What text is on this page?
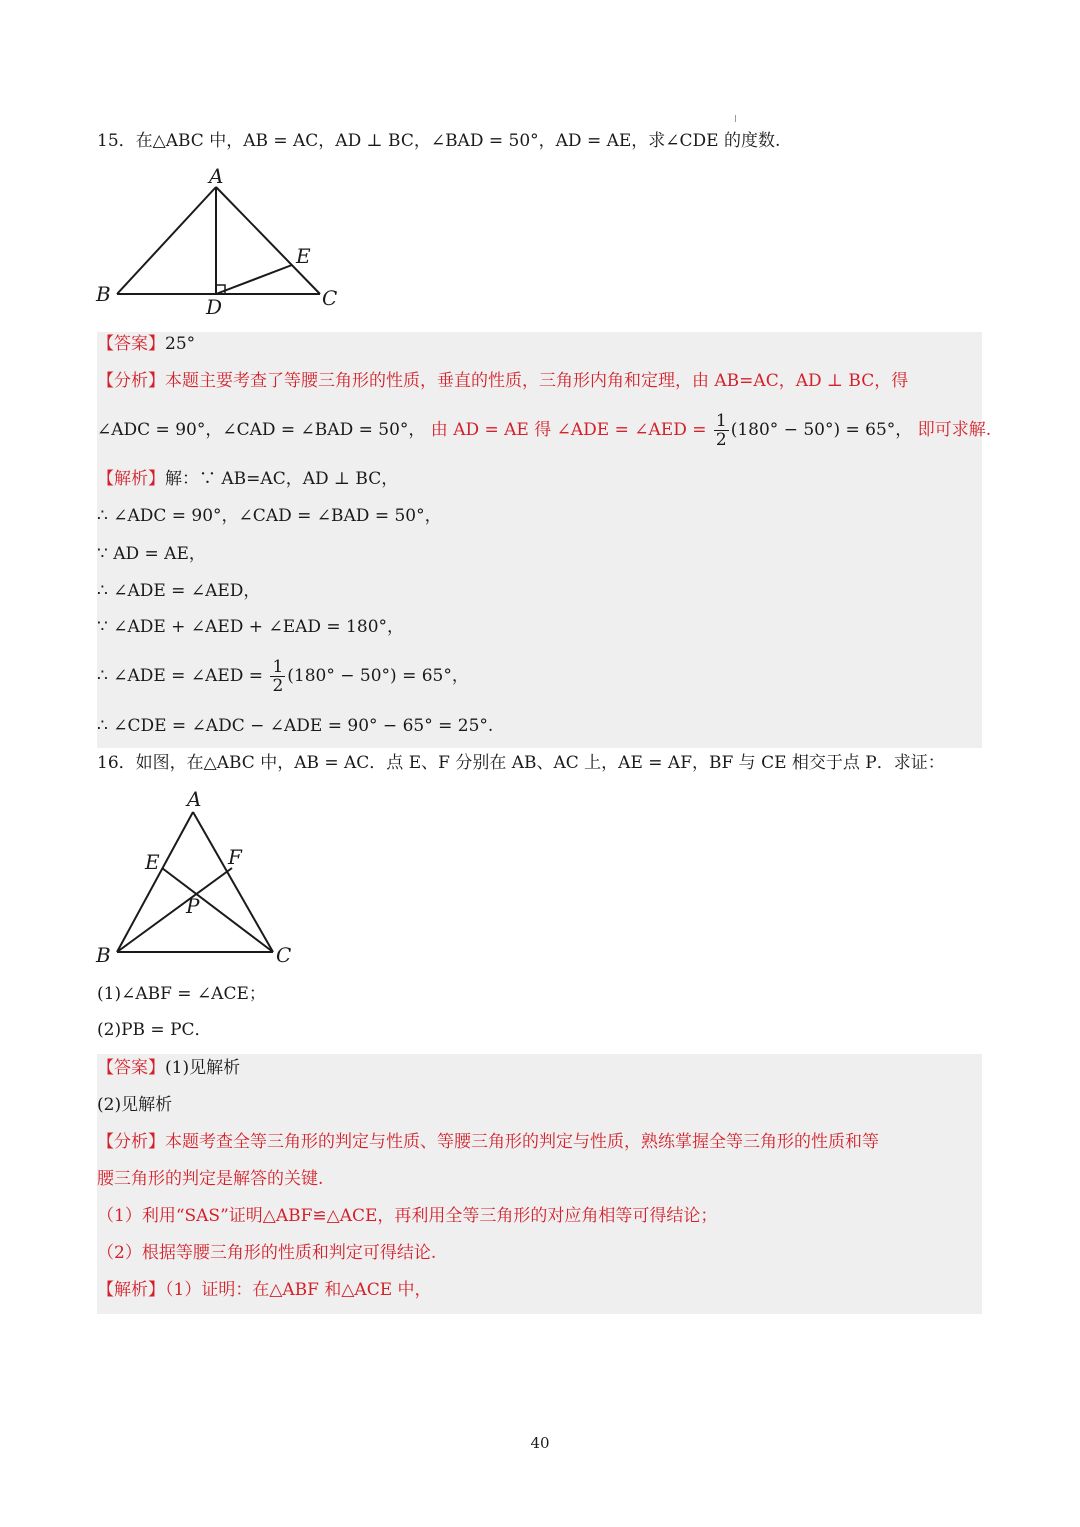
15．在△ABC 中，AB = AC，AD ⊥ BC，∠BAD = 50°，AD = AE，求∠CDE 的度数.
A
B	C
D
E
【答案】25°
【分析】本题主要考查了等腰三角形的性质，垂直的性质，三角形内角和定理，由 AB=AC，AD ⊥ BC，得
∠ADC = 90°，∠CAD = ∠BAD = 50°， 由 AD = AE 得 ∠ADE = ∠AED = $\frac{1}{2} (180^\circ - 50^\circ) = 65^\circ$， 即可求解.
【解析】解：∵ AB=AC，AD ⊥ BC，
∴ ∠ADC = 90°，∠CAD = ∠BAD = 50°，
∵ AD = AE，
∴ ∠ADE = ∠AED，
∵ ∠ADE + ∠AED + ∠EAD = 180°，
∴ ∠ADE = ∠AED = $\frac{1}{2} (180^\circ - 50^\circ) = 65^\circ$，
∴ ∠CDE = ∠ADC − ∠ADE = 90° − 65° = 25°.
16．如图，在△ABC 中，AB = AC．点 E、F 分别在 AB、AC 上，AE = AF，BF 与 CE 相交于点 P．求证：
A
B	C
E	F
P
(1)∠ABF = ∠ACE；
(2)PB = PC．
【答案】(1)见解析
(2)见解析
【分析】本题考查全等三角形的判定与性质、等腰三角形的判定与性质，熟练掌握全等三角形的性质和等
腰三角形的判定是解答的关键.
（1）利用“SAS”证明△ABF≌△ACE，再利用全等三角形的对应角相等可得结论；
（2）根据等腰三角形的性质和判定可得结论.
【解析】（1）证明：在△ABF 和△ACE 中，
40
